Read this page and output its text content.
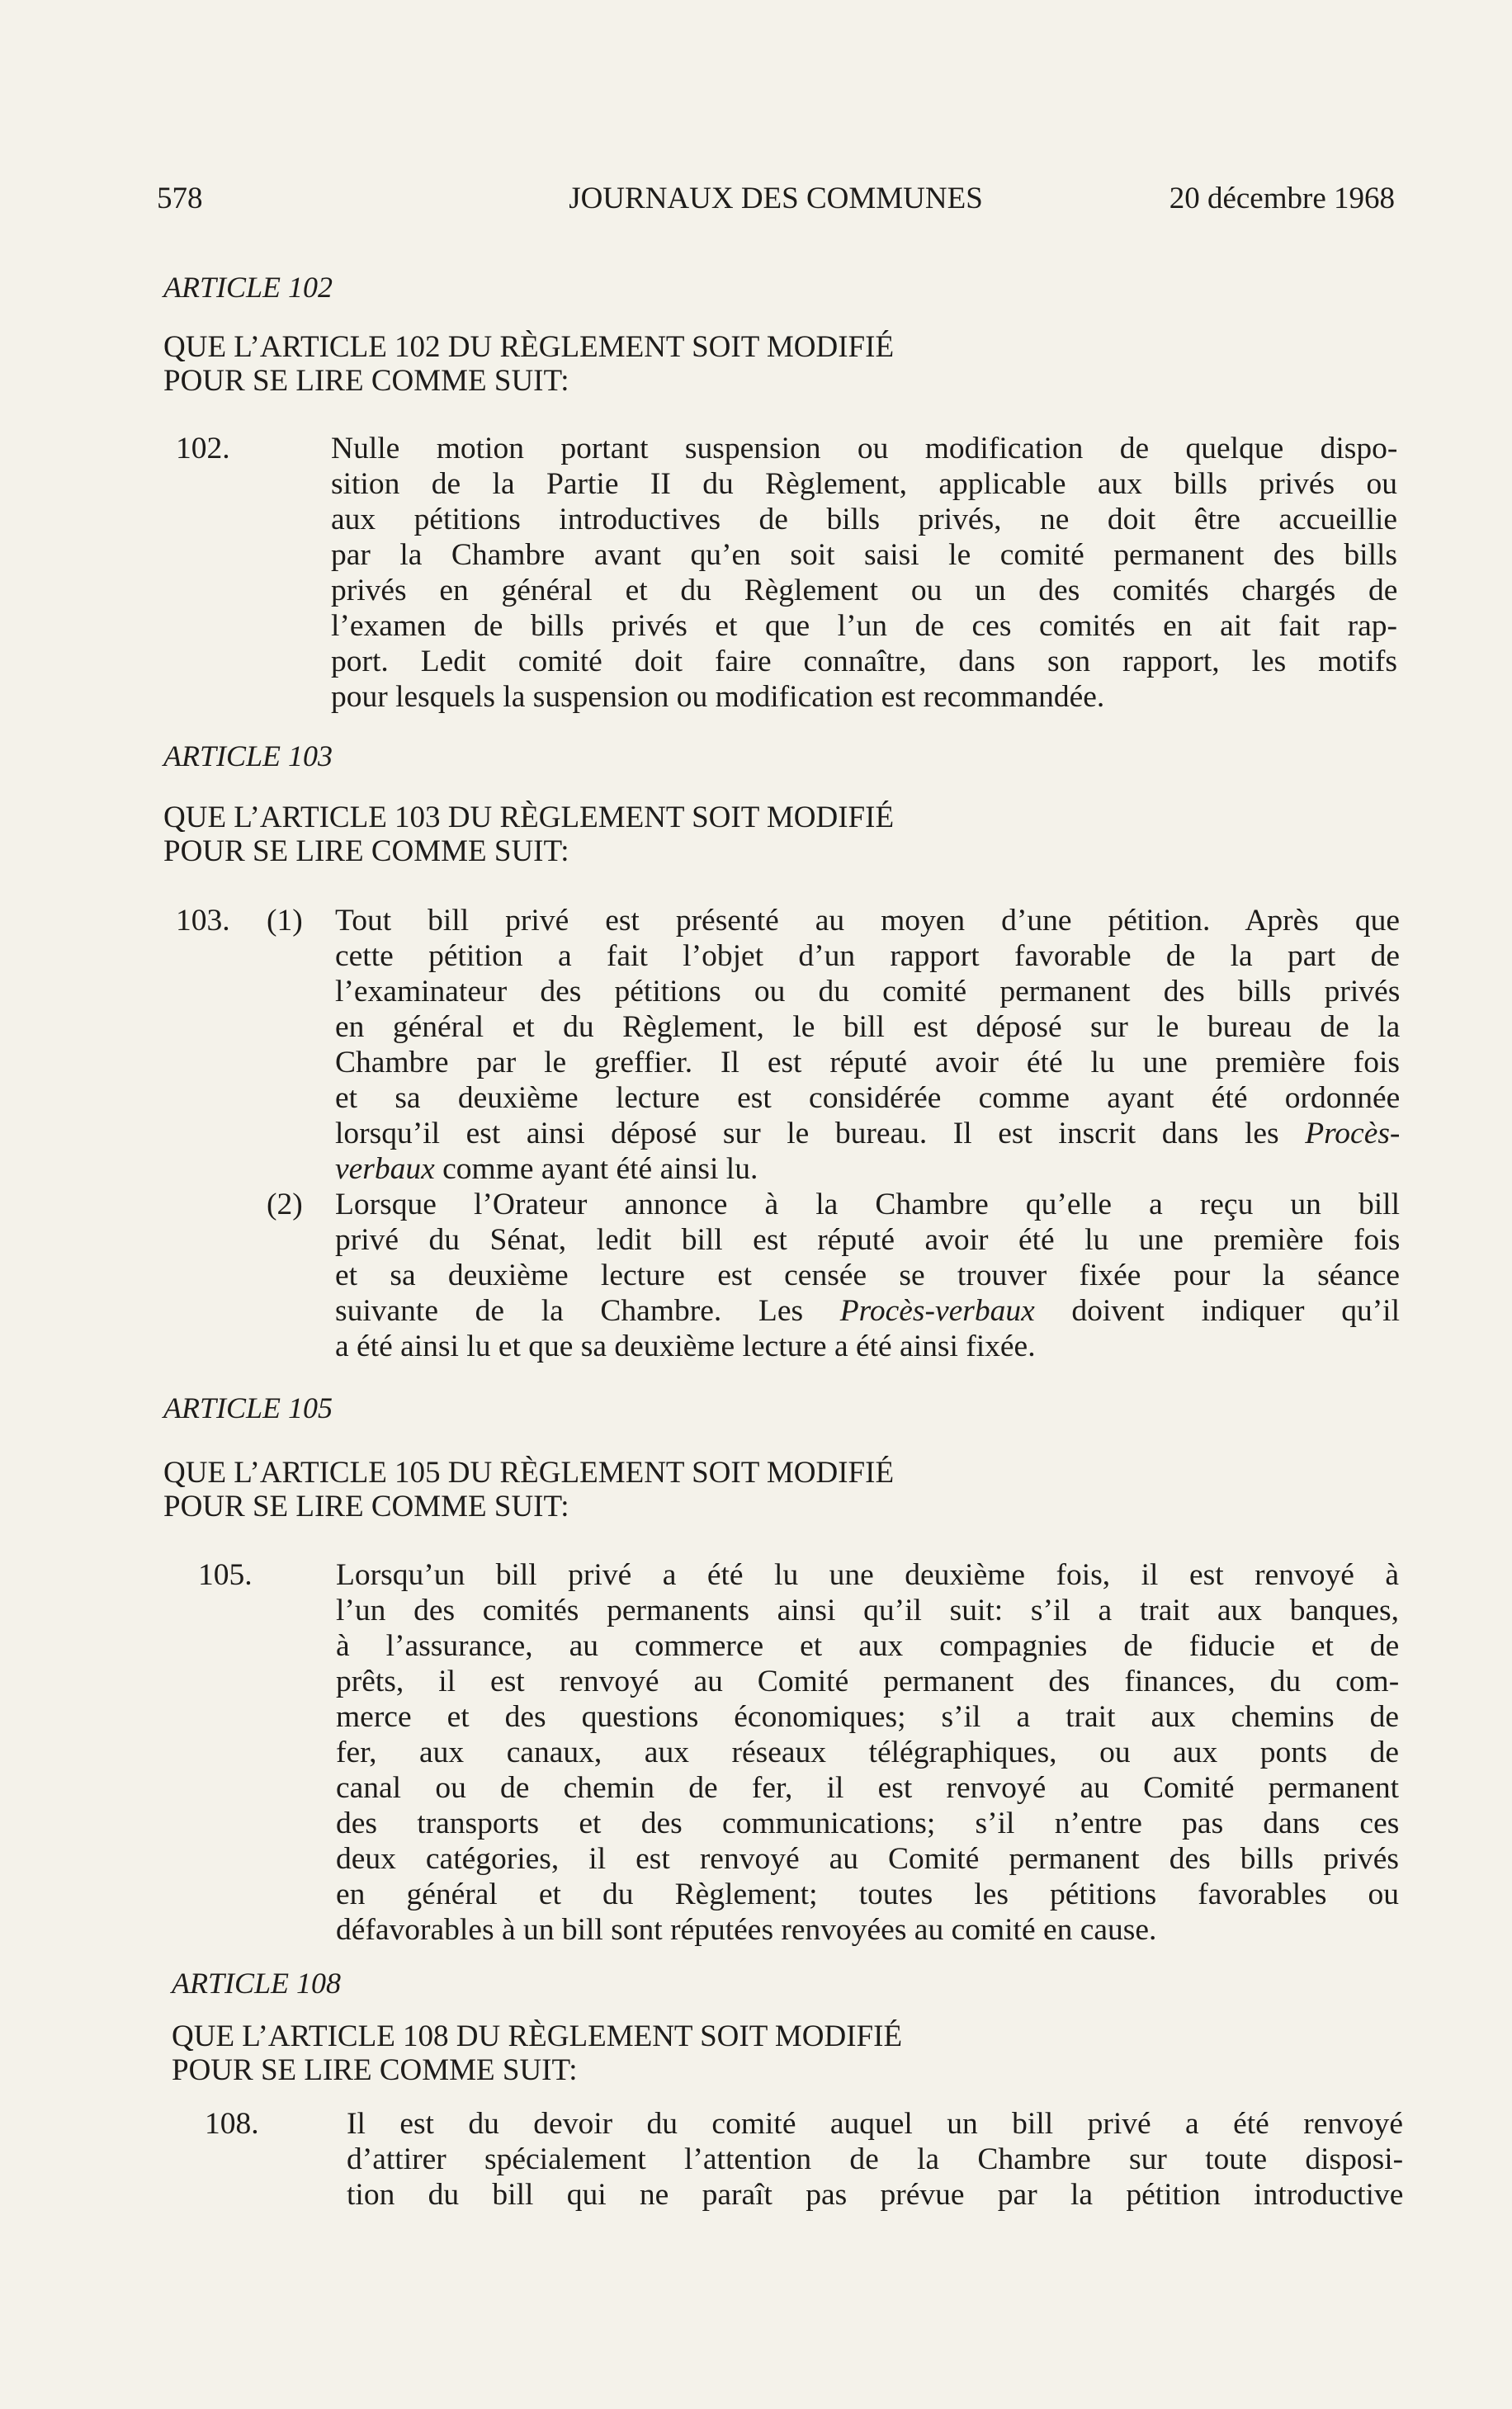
578	JOURNAUX DES COMMUNES	20 décembre 1968
ARTICLE 102
QUE L’ARTICLE 102 DU RÈGLEMENT SOIT MODIFIÉ
POUR SE LIRE COMME SUIT:
102.	Nulle motion portant suspension ou modification de quelque dispo-
sition de la Partie II du Règlement, applicable aux bills privés ou
aux pétitions introductives de bills privés, ne doit être accueillie
par la Chambre avant qu’en soit saisi le comité permanent des bills
privés en général et du Règlement ou un des comités chargés de
l’examen de bills privés et que l’un de ces comités en ait fait rap-
port. Ledit comité doit faire connaître, dans son rapport, les motifs
pour lesquels la suspension ou modification est recommandée.
ARTICLE 103
QUE L’ARTICLE 103 DU RÈGLEMENT SOIT MODIFIÉ
POUR SE LIRE COMME SUIT:
103. (1) Tout bill privé est présenté au moyen d’une pétition. Après que
cette pétition a fait l’objet d’un rapport favorable de la part de
l’examinateur des pétitions ou du comité permanent des bills privés
en général et du Règlement, le bill est déposé sur le bureau de la
Chambre par le greffier. Il est réputé avoir été lu une première fois
et sa deuxième lecture est considérée comme ayant été ordonnée
lorsqu’il est ainsi déposé sur le bureau. Il est inscrit dans les Procès-
verbaux comme ayant été ainsi lu.
(2) Lorsque l’Orateur annonce à la Chambre qu’elle a reçu un bill
privé du Sénat, ledit bill est réputé avoir été lu une première fois
et sa deuxième lecture est censée se trouver fixée pour la séance
suivante de la Chambre. Les Procès-verbaux doivent indiquer qu’il
a été ainsi lu et que sa deuxième lecture a été ainsi fixée.
ARTICLE 105
QUE L’ARTICLE 105 DU RÈGLEMENT SOIT MODIFIÉ
POUR SE LIRE COMME SUIT:
105.	Lorsqu’un bill privé a été lu une deuxième fois, il est renvoyé à
l’un des comités permanents ainsi qu’il suit: s’il a trait aux banques,
à l’assurance, au commerce et aux compagnies de fiducie et de
prêts, il est renvoyé au Comité permanent des finances, du com-
merce et des questions économiques; s’il a trait aux chemins de
fer, aux canaux, aux réseaux télégraphiques, ou aux ponts de
canal ou de chemin de fer, il est renvoyé au Comité permanent
des transports et des communications; s’il n’entre pas dans ces
deux catégories, il est renvoyé au Comité permanent des bills privés
en général et du Règlement; toutes les pétitions favorables ou
défavorables à un bill sont réputées renvoyées au comité en cause.
ARTICLE 108
QUE L’ARTICLE 108 DU RÈGLEMENT SOIT MODIFIÉ
POUR SE LIRE COMME SUIT:
108.	Il est du devoir du comité auquel un bill privé a été renvoyé
d’attirer spécialement l’attention de la Chambre sur toute disposi-
tion du bill qui ne paraît pas prévue par la pétition introductive
